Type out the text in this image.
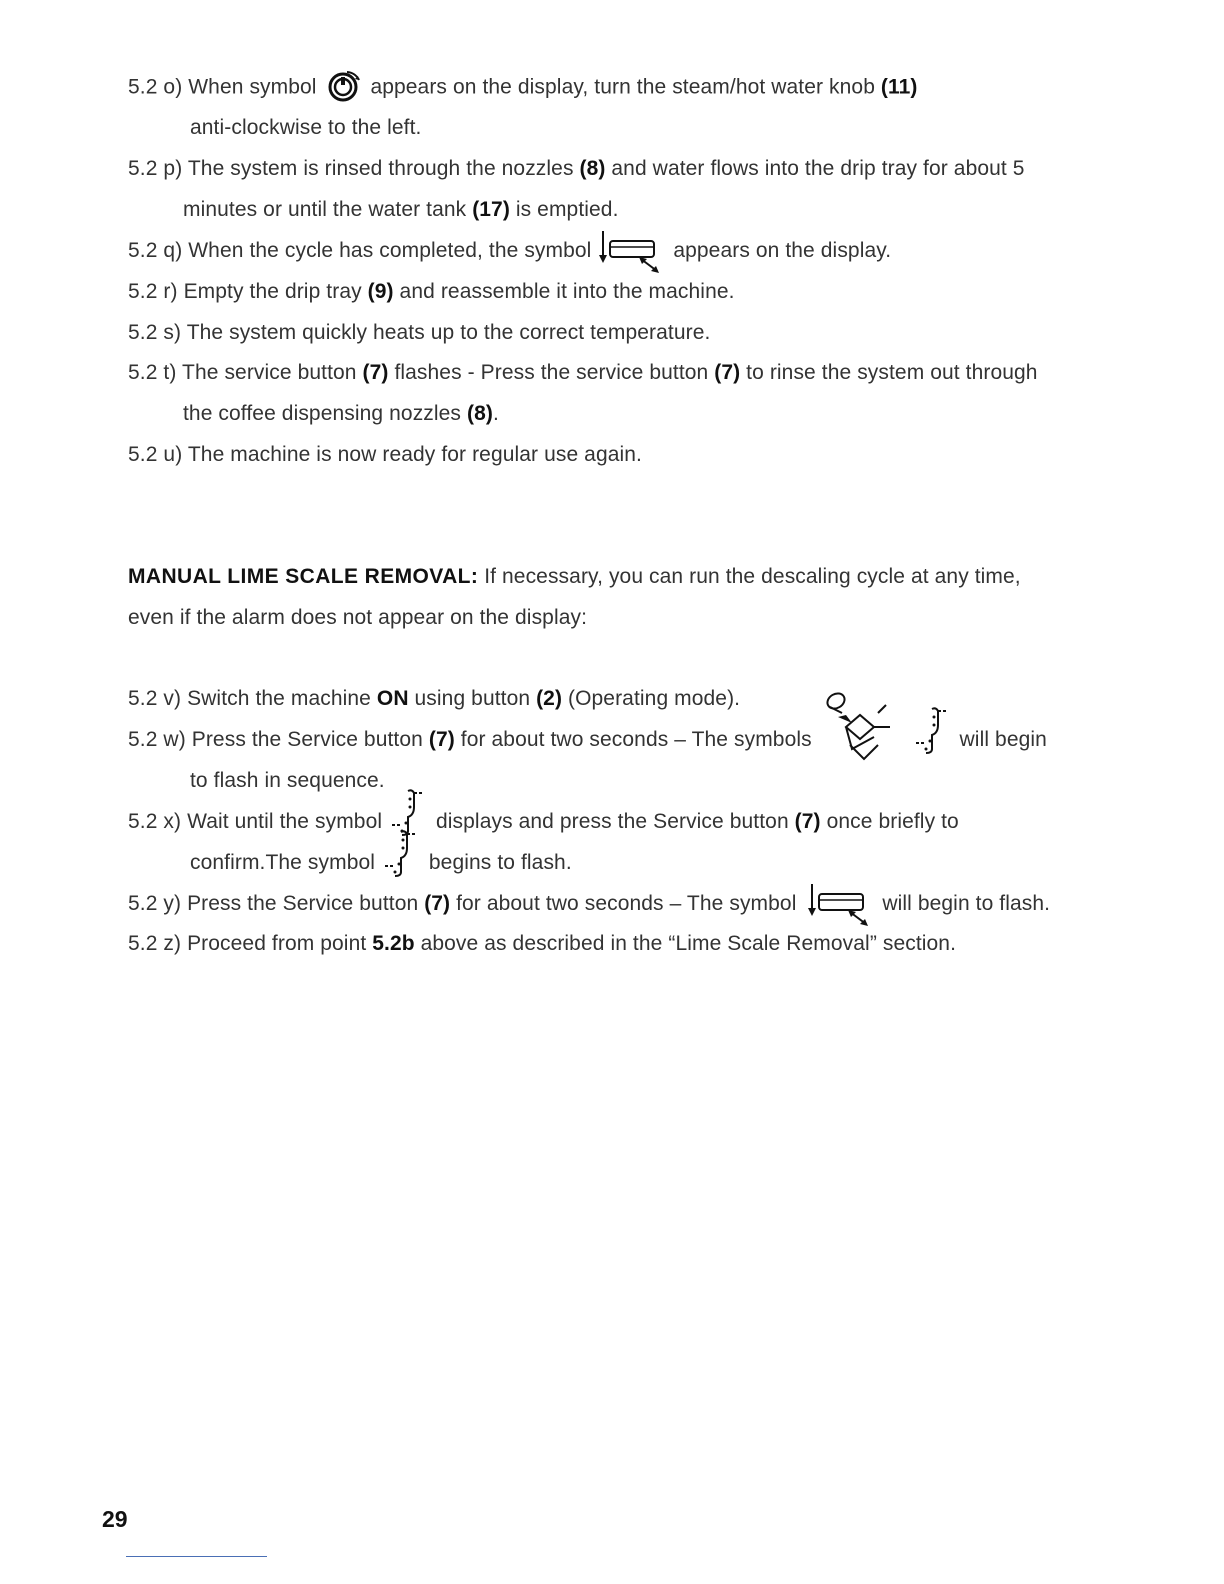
5.2 o) When symbol	appears on the display, turn the steam/hot water knob (11)
anti-clockwise to the left.
5.2 p) The system is rinsed through the nozzles (8) and water flows into the drip tray for about 5
minutes or until the water tank (17) is emptied.
5.2 q) When the cycle has completed, the symbol	appears on the display.
5.2 r) Empty the drip tray (9) and reassemble it into the machine.
5.2 s) The system quickly heats up to the correct temperature.
5.2 t) The service button (7) flashes - Press the service button (7) to rinse the system out through
the coffee dispensing nozzles (8).
5.2 u) The machine is now ready for regular use again.
MANUAL LIME SCALE REMOVAL: If necessary, you can run the descaling cycle at any time,
even if the alarm does not appear on the display:
5.2 v) Switch the machine ON using button (2) (Operating mode).
5.2 w) Press the Service button (7) for about two seconds – The symbols	will begin
to flash in sequence.
5.2 x) Wait until the symbol	displays and press the Service button (7) once briefly to
confirm.The symbol	begins to flash.
5.2 y) Press the Service button (7) for about two seconds – The symbol	will begin to flash.
5.2 z) Proceed from point 5.2b above as described in the “Lime Scale Removal” section.
29
